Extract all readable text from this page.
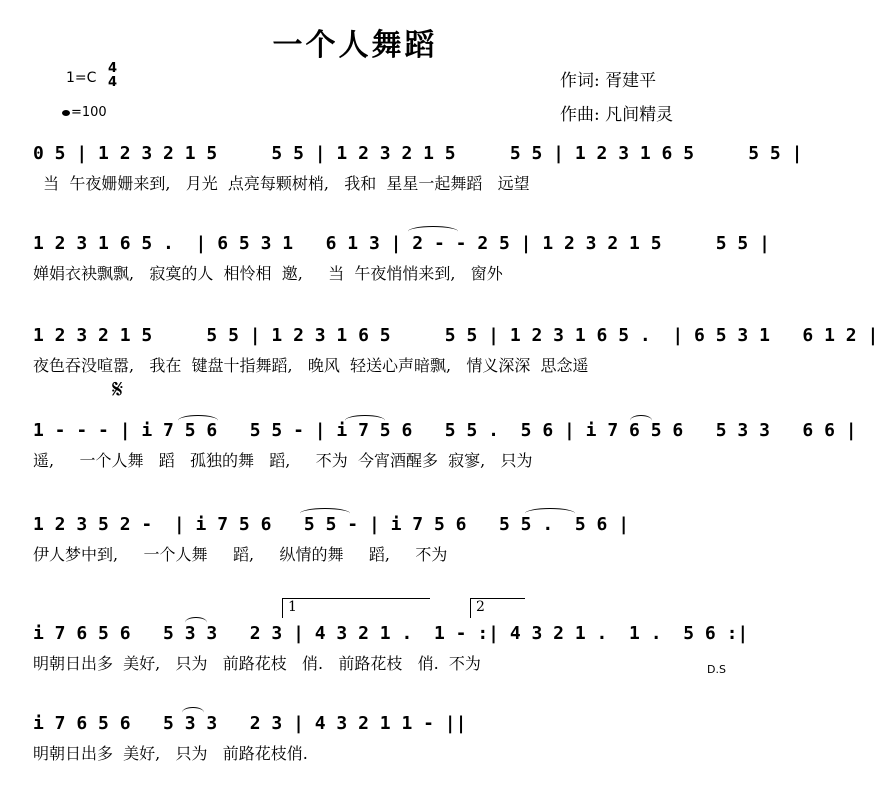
一个人舞蹈
1=C
4
4
=100
作词: 胥建平
作曲: 凡间精灵
0 5 | 1 2 3 2 1 5     5 5 | 1 2 3 2 1 5     5 5 | 1 2 3 1 6 5     5 5 |
当  午夜姗姗来到,   月光  点亮每颗树梢,   我和  星星一起舞蹈   远望
1 2 3 1 6 5 .  | 6 5 3 1   6 1 3 | 2 - - 2 5 | 1 2 3 2 1 5     5 5 |
婵娟衣袂飘飘,   寂寞的人  相怜相  邀,     当  午夜悄悄来到,   窗外
1 2 3 2 1 5     5 5 | 1 2 3 1 6 5     5 5 | 1 2 3 1 6 5 .  | 6 5 3 1   6 1 2 |
夜色吞没喧嚣,   我在  键盘十指舞蹈,   晚风  轻送心声暗飘,   情义深深  思念遥
1 - - - | i 7 5 6   5 5 - | i 7 5 6   5 5 .  5 6 | i 7 6 5 6   5 3 3   6 6 |
遥,     一个人舞   蹈   孤独的舞   蹈,     不为  今宵酒醒多  寂寥,   只为
1 2 3 5 2 -  | i 7 5 6   5 5 - | i 7 5 6   5 5 .  5 6 |
伊人梦中到,     一个人舞     蹈,     纵情的舞     蹈,     不为
i 7 6 5 6   5 3 3   2 3 | 4 3 2 1 .  1 - :| 4 3 2 1 .  1 .  5 6 :|
明朝日出多  美好,   只为   前路花枝   俏.   前路花枝   俏.  不为
i 7 6 5 6   5 3 3   2 3 | 4 3 2 1 1 - ||
明朝日出多  美好,   只为   前路花枝俏.
𝄋
1	2
D.S
